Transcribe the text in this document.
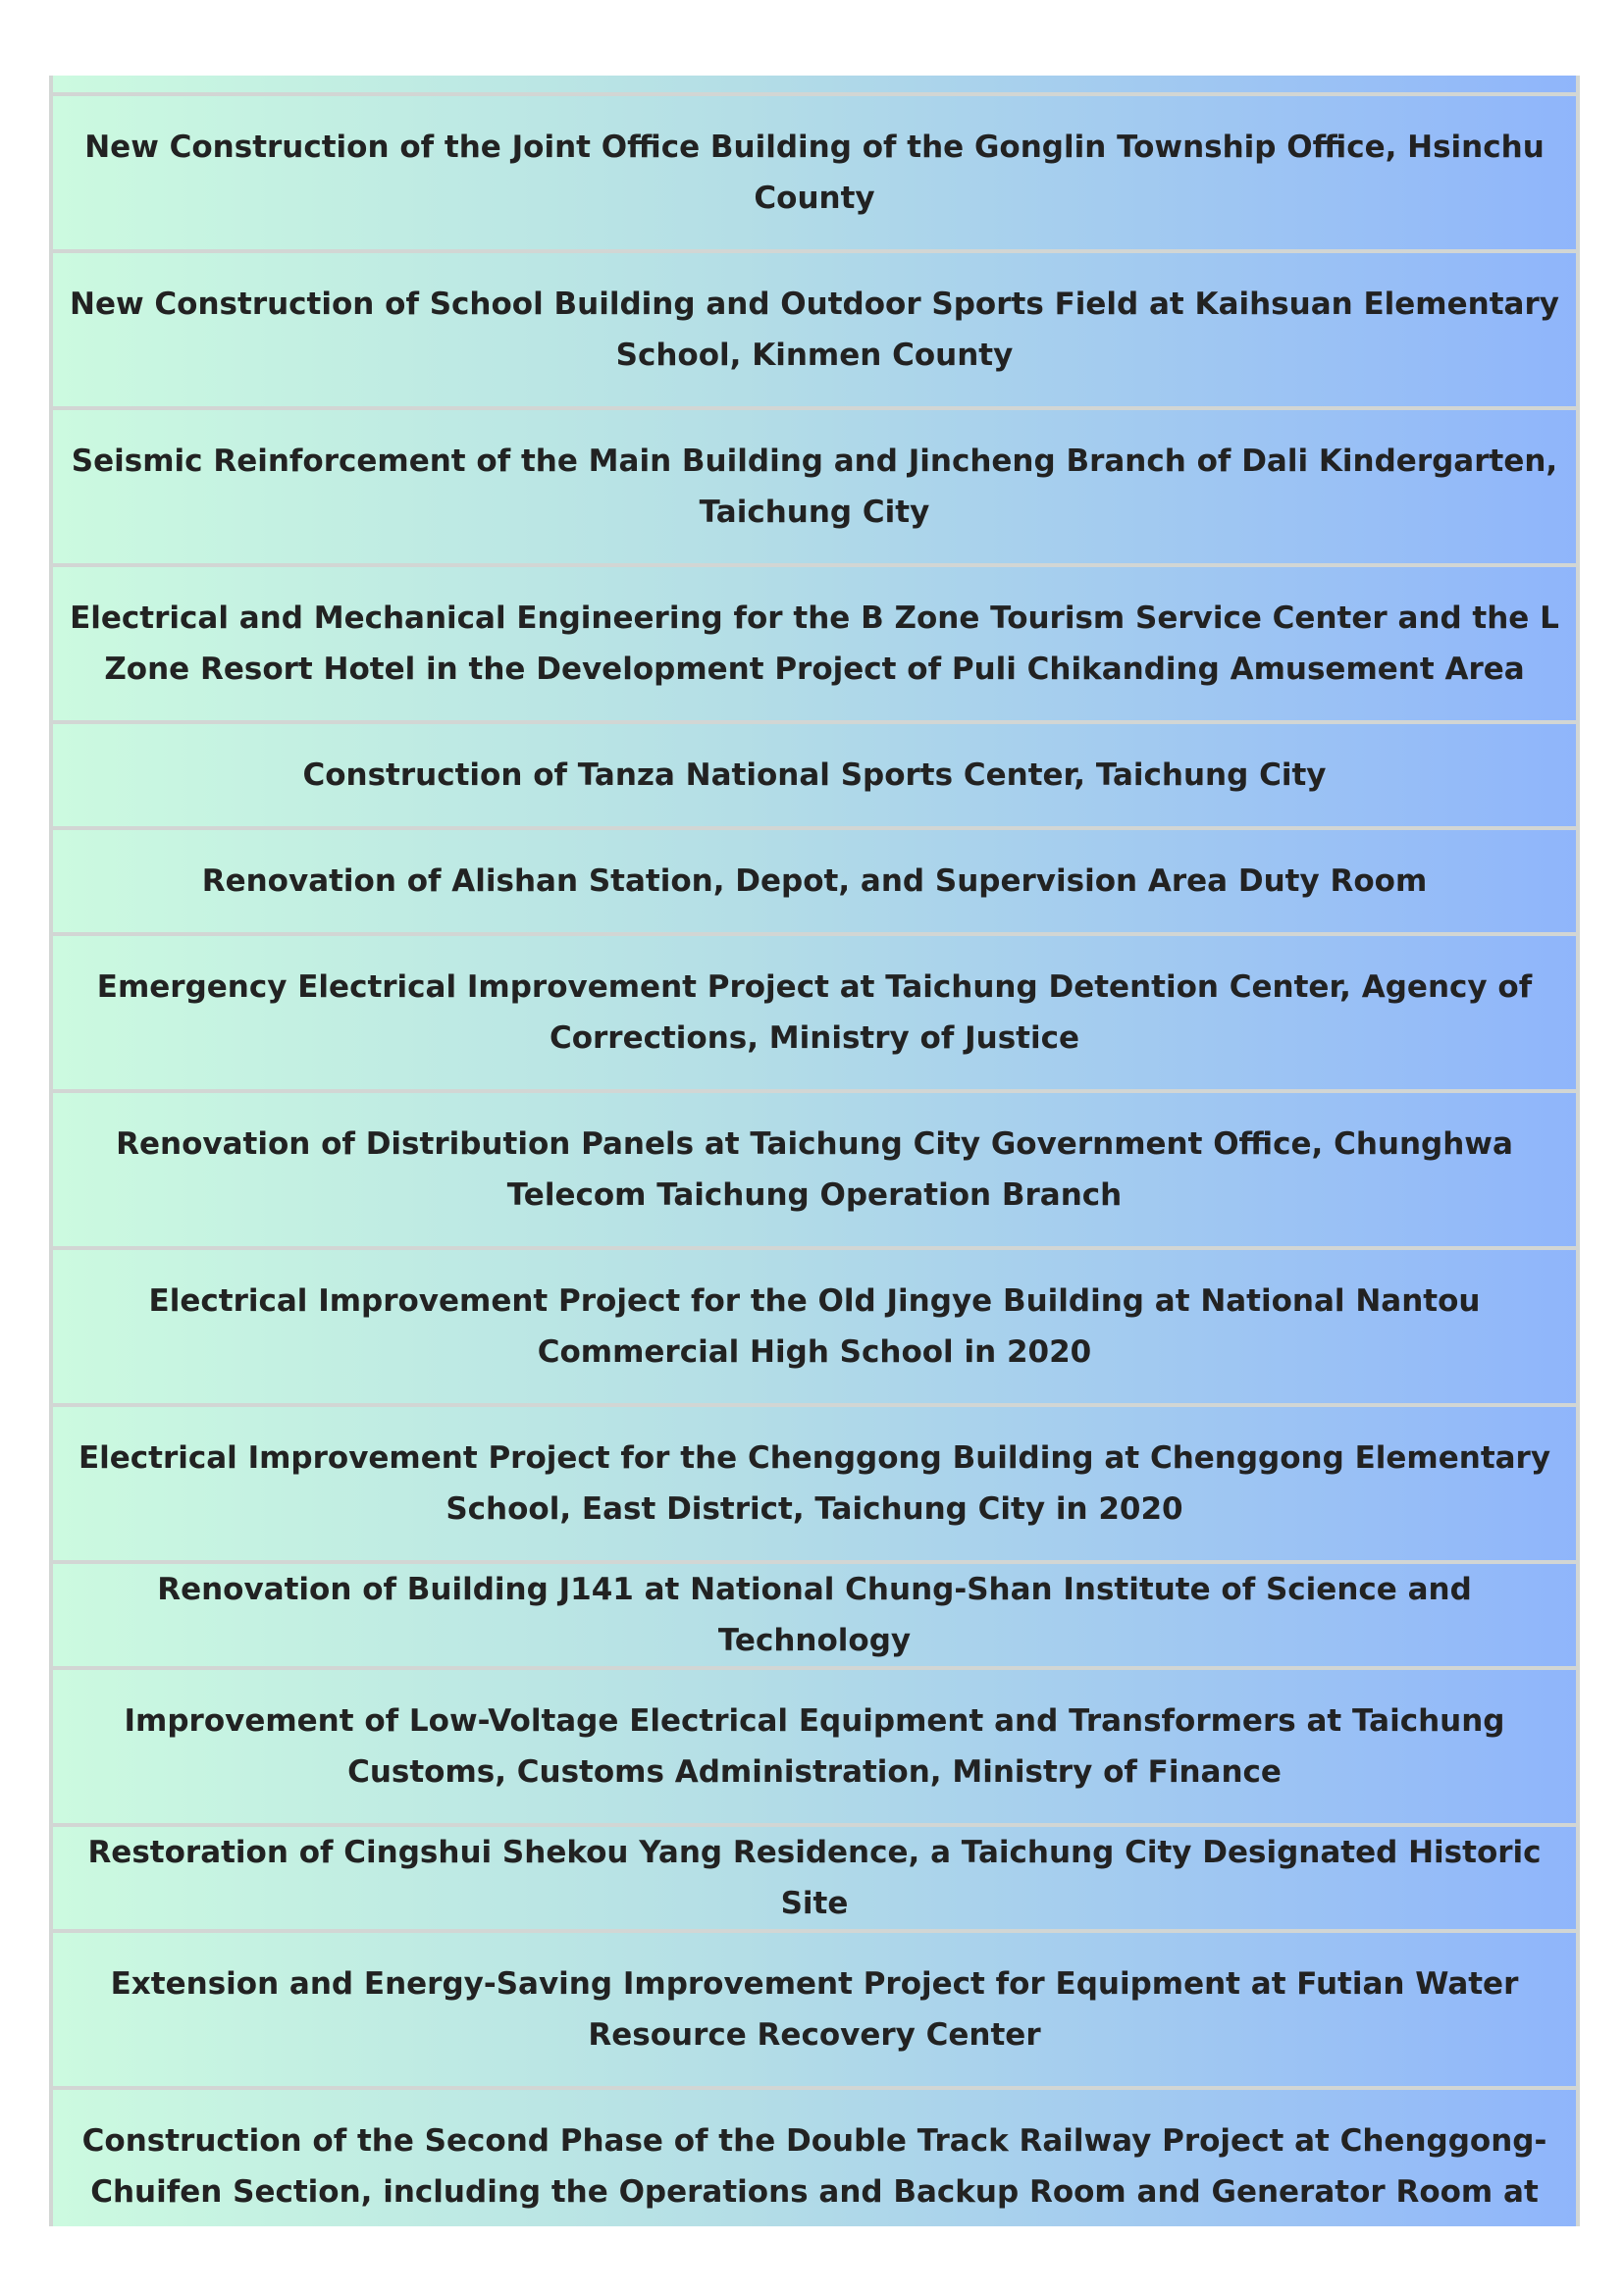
New Construction of the Joint Office Building of the Gonglin Township Office, Hsinchu County
New Construction of School Building and Outdoor Sports Field at Kaihsuan Elementary School, Kinmen County
Seismic Reinforcement of the Main Building and Jincheng Branch of Dali Kindergarten, Taichung City
Electrical and Mechanical Engineering for the B Zone Tourism Service Center and the L Zone Resort Hotel in the Development Project of Puli Chikanding Amusement Area
Construction of Tanza National Sports Center, Taichung City
Renovation of Alishan Station, Depot, and Supervision Area Duty Room
Emergency Electrical Improvement Project at Taichung Detention Center, Agency of Corrections, Ministry of Justice
Renovation of Distribution Panels at Taichung City Government Office, Chunghwa Telecom Taichung Operation Branch
Electrical Improvement Project for the Old Jingye Building at National Nantou Commercial High School in 2020
Electrical Improvement Project for the Chenggong Building at Chenggong Elementary School, East District, Taichung City in 2020
Renovation of Building J141 at National Chung-Shan Institute of Science and Technology
Improvement of Low-Voltage Electrical Equipment and Transformers at Taichung Customs, Customs Administration, Ministry of Finance
Restoration of Cingshui Shekou Yang Residence, a Taichung City Designated Historic Site
Extension and Energy-Saving Improvement Project for Equipment at Futian Water Resource Recovery Center
Construction of the Second Phase of the Double Track Railway Project at Chenggong-Chuifen Section, including the Operations and Backup Room and Generator Room at
